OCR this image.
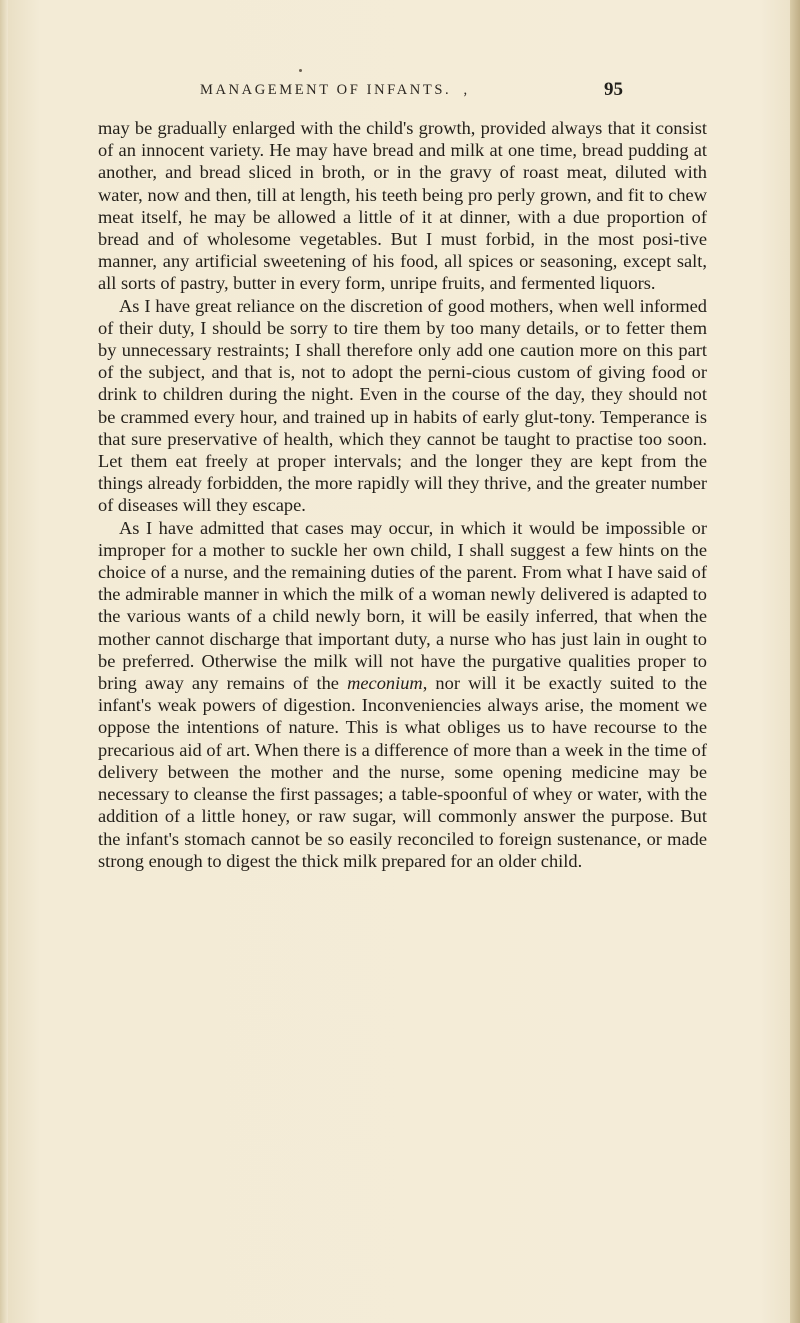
MANAGEMENT OF INFANTS. ,	95

may be gradually enlarged with the child's growth, provided always that it consist of an innocent variety. He may have bread and milk at one time, bread pudding at another, and bread sliced in broth, or in the gravy of roast meat, diluted with water, now and then, till at length, his teeth being pro perly grown, and fit to chew meat itself, he may be allowed a little of it at dinner, with a due proportion of bread and of wholesome vegetables. But I must forbid, in the most posi-tive manner, any artificial sweetening of his food, all spices or seasoning, except salt, all sorts of pastry, butter in every form, unripe fruits, and fermented liquors.

As I have great reliance on the discretion of good mothers, when well informed of their duty, I should be sorry to tire them by too many details, or to fetter them by unnecessary restraints; I shall therefore only add one caution more on this part of the subject, and that is, not to adopt the perni-cious custom of giving food or drink to children during the night. Even in the course of the day, they should not be crammed every hour, and trained up in habits of early glut-tony. Temperance is that sure preservative of health, which they cannot be taught to practise too soon. Let them eat freely at proper intervals; and the longer they are kept from the things already forbidden, the more rapidly will they thrive, and the greater number of diseases will they escape.

As I have admitted that cases may occur, in which it would be impossible or improper for a mother to suckle her own child, I shall suggest a few hints on the choice of a nurse, and the remaining duties of the parent. From what I have said of the admirable manner in which the milk of a woman newly delivered is adapted to the various wants of a child newly born, it will be easily inferred, that when the mother cannot discharge that important duty, a nurse who has just lain in ought to be preferred. Otherwise the milk will not have the purgative qualities proper to bring away any remains of the meconium, nor will it be exactly suited to the infant's weak powers of digestion. Inconveniencies always arise, the moment we oppose the intentions of nature. This is what obliges us to have recourse to the precarious aid of art. When there is a difference of more than a week in the time of delivery between the mother and the nurse, some opening medicine may be necessary to cleanse the first passages; a table-spoonful of whey or water, with the addition of a little honey, or raw sugar, will commonly answer the purpose. But the infant's stomach cannot be so easily reconciled to foreign sustenance, or made strong enough to digest the thick milk prepared for an older child.
